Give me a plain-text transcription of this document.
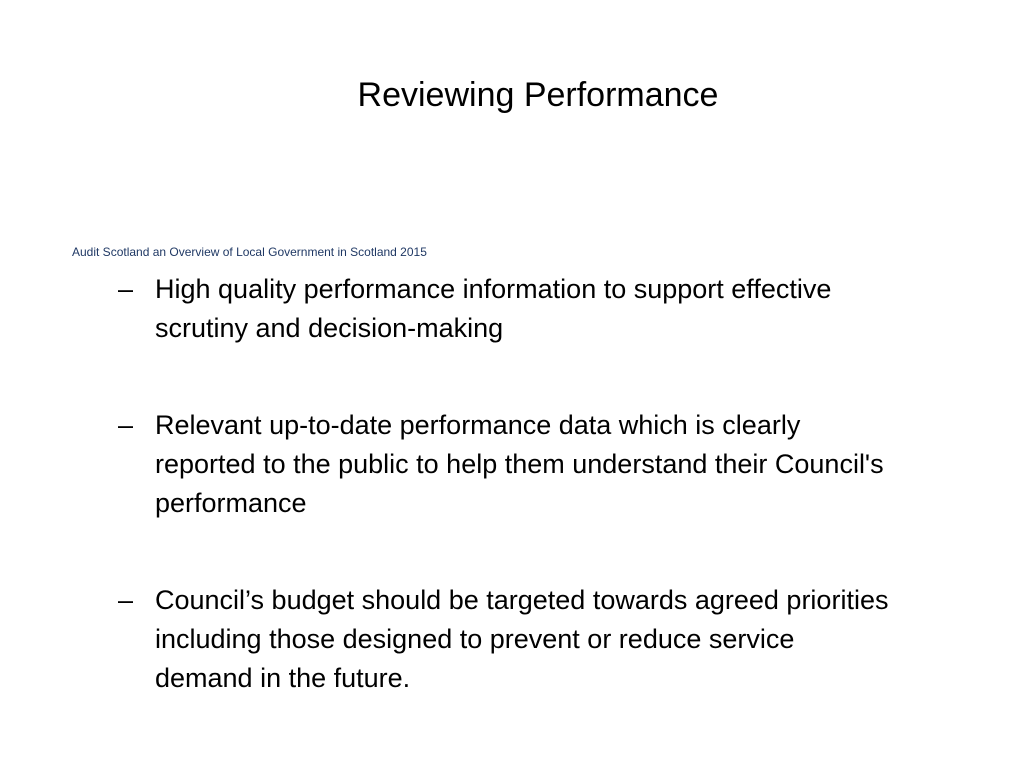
Reviewing Performance
Audit Scotland an Overview of Local Government in Scotland 2015
– High quality performance information to support effective scrutiny and decision-making
– Relevant up-to-date performance data which is clearly reported to the public to help them understand their Council's performance
– Council’s budget should be targeted towards agreed priorities including those designed to prevent or reduce service demand in the future.
